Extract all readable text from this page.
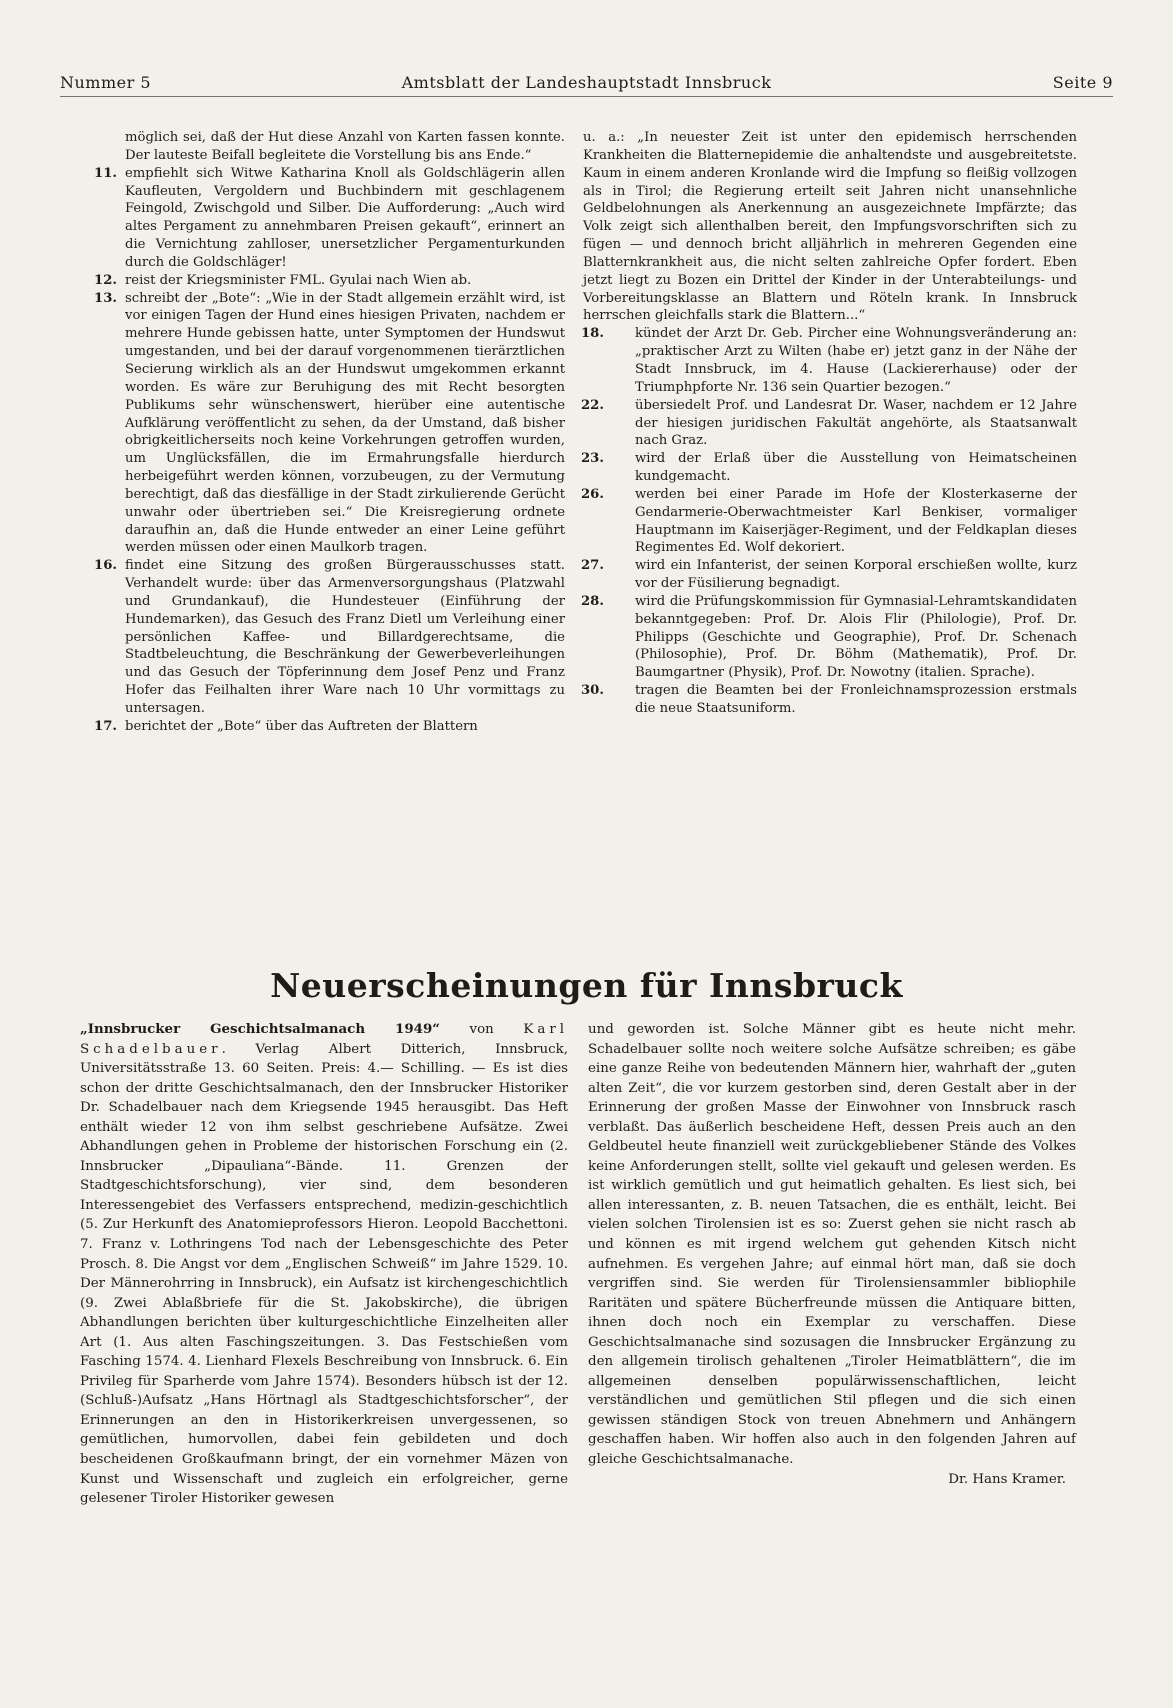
Nummer 5	Amtsblatt der Landeshauptstadt Innsbruck	Seite 9

möglich sei, daß der Hut diese Anzahl von Karten fassen konnte. Der lauteste Beifall begleitete die Vorstellung bis ans Ende.“

11. empfiehlt sich Witwe Katharina Knoll als Goldschlägerin allen Kaufleuten, Vergoldern und Buchbindern mit geschlagenem Feingold, Zwischgold und Silber. Die Aufforderung: „Auch wird altes Pergament zu annehmbaren Preisen gekauft“, erinnert an die Vernichtung zahlloser, unersetzlicher Pergamenturkunden durch die Goldschläger!

12. reist der Kriegsminister FML. Gyulai nach Wien ab.

13. schreibt der „Bote“: „Wie in der Stadt allgemein erzählt wird, ist vor einigen Tagen der Hund eines hiesigen Privaten, nachdem er mehrere Hunde gebissen hatte, unter Symptomen der Hundswut umgestanden, und bei der darauf vorgenommenen tierärztlichen Secierung wirklich als an der Hundswut umgekommen erkannt worden. Es wäre zur Beruhigung des mit Recht besorgten Publikums sehr wünschenswert, hierüber eine autentische Aufklärung veröffentlicht zu sehen, da der Umstand, daß bisher obrigkeitlicherseits noch keine Vorkehrungen getroffen wurden, um Unglücksfällen, die im Ermahrungsfalle hierdurch herbeigeführt werden können, vorzubeugen, zu der Vermutung berechtigt, daß das diesfällige in der Stadt zirkulierende Gerücht unwahr oder übertrieben sei.“ Die Kreisregierung ordnete daraufhin an, daß die Hunde entweder an einer Leine geführt werden müssen oder einen Maulkorb tragen.

16. findet eine Sitzung des großen Bürgerausschusses statt. Verhandelt wurde: über das Armenversorgungshaus (Platzwahl und Grundankauf), die Hundesteuer (Einführung der Hundemarken), das Gesuch des Franz Dietl um Verleihung einer persönlichen Kaffee- und Billardgerechtsame, die Stadtbeleuchtung, die Beschränkung der Gewerbeverleihungen und das Gesuch der Töpferinnung dem Josef Penz und Franz Hofer das Feilhalten ihrer Ware nach 10 Uhr vormittags zu untersagen.

17. berichtet der „Bote“ über das Auftreten der Blattern

u. a.: „In neuester Zeit ist unter den epidemisch herrschenden Krankheiten die Blatternepidemie die anhaltendste und ausgebreitetste. Kaum in einem anderen Kronlande wird die Impfung so fleißig vollzogen als in Tirol; die Regierung erteilt seit Jahren nicht unansehnliche Geldbelohnungen als Anerkennung an ausgezeichnete Impfärzte; das Volk zeigt sich allenthalben bereit, den Impfungsvorschriften sich zu fügen — und dennoch bricht alljährlich in mehreren Gegenden eine Blatternkrankheit aus, die nicht selten zahlreiche Opfer fordert. Eben jetzt liegt zu Bozen ein Drittel der Kinder in der Unterabteilungs- und Vorbereitungsklasse an Blattern und Röteln krank. In Innsbruck herrschen gleichfalls stark die Blattern...“

18.	kündet der Arzt Dr. Geb. Pircher eine Wohnungsveränderung an: „praktischer Arzt zu Wilten (habe er) jetzt ganz in der Nähe der Stadt Innsbruck, im 4. Hause (Lackiererhause) oder der Triumphpforte Nr. 136 sein Quartier bezogen.“

22.	übersiedelt Prof. und Landesrat Dr. Waser, nachdem er 12 Jahre der hiesigen juridischen Fakultät angehörte, als Staatsanwalt nach Graz.

23.	wird der Erlaß über die Ausstellung von Heimatscheinen kundgemacht.

26.	werden bei einer Parade im Hofe der Klosterkaserne der Gendarmerie-Oberwachtmeister Karl Benkiser, vormaliger Hauptmann im Kaiserjäger-Regiment, und der Feldkaplan dieses Regimentes Ed. Wolf dekoriert.

27.	wird ein Infanterist, der seinen Korporal erschießen wollte, kurz vor der Füsilierung begnadigt.

28.	wird die Prüfungskommission für Gymnasial-Lehramtskandidaten bekanntgegeben: Prof. Dr. Alois Flir (Philologie), Prof. Dr. Philipps (Geschichte und Geographie), Prof. Dr. Schenach (Philosophie), Prof. Dr. Böhm (Mathematik), Prof. Dr. Baumgartner (Physik), Prof. Dr. Nowotny (italien. Sprache).

30.	tragen die Beamten bei der Fronleichnamsprozession erstmals die neue Staatsuniform.

Neuerscheinungen für Innsbruck

„Innsbrucker Geschichtsalmanach 1949“ von Karl Schadelbauer. Verlag Albert Ditterich, Innsbruck, Universitätsstraße 13. 60 Seiten. Preis: 4.— Schilling. — Es ist dies schon der dritte Geschichtsalmanach, den der Innsbrucker Historiker Dr. Schadelbauer nach dem Kriegsende 1945 herausgibt. Das Heft enthält wieder 12 von ihm selbst geschriebene Aufsätze. Zwei Abhandlungen gehen in Probleme der historischen Forschung ein (2. Innsbrucker „Dipauliana“-Bände. 11. Grenzen der Stadtgeschichtsforschung), vier sind, dem besonderen Interessengebiet des Verfassers entsprechend, medizin-geschichtlich (5. Zur Herkunft des Anatomieprofessors Hieron. Leopold Bacchettoni. 7. Franz v. Lothringens Tod nach der Lebensgeschichte des Peter Prosch. 8. Die Angst vor dem „Englischen Schweiß“ im Jahre 1529. 10. Der Männerohrring in Innsbruck), ein Aufsatz ist kirchengeschichtlich (9. Zwei Ablaßbriefe für die St. Jakobskirche), die übrigen Abhandlungen berichten über kulturgeschichtliche Einzelheiten aller Art (1. Aus alten Faschingszeitungen. 3. Das Festschießen vom Fasching 1574. 4. Lienhard Flexels Beschreibung von Innsbruck. 6. Ein Privileg für Sparherde vom Jahre 1574). Besonders hübsch ist der 12. (Schluß-)Aufsatz „Hans Hörtnagl als Stadtgeschichtsforscher“, der Erinnerungen an den in Historikerkreisen unvergessenen, so gemütlichen, humorvollen, dabei fein gebildeten und doch bescheidenen Großkaufmann bringt, der ein vornehmer Mäzen von Kunst und Wissenschaft und zugleich ein erfolgreicher, gerne gelesener Tiroler Historiker gewesen

und geworden ist. Solche Männer gibt es heute nicht mehr. Schadelbauer sollte noch weitere solche Aufsätze schreiben; es gäbe eine ganze Reihe von bedeutenden Männern hier, wahrhaft der „guten alten Zeit“, die vor kurzem gestorben sind, deren Gestalt aber in der Erinnerung der großen Masse der Einwohner von Innsbruck rasch verblaßt. Das äußerlich bescheidene Heft, dessen Preis auch an den Geldbeutel heute finanziell weit zurückgebliebener Stände des Volkes keine Anforderungen stellt, sollte viel gekauft und gelesen werden. Es ist wirklich gemütlich und gut heimatlich gehalten. Es liest sich, bei allen interessanten, z. B. neuen Tatsachen, die es enthält, leicht. Bei vielen solchen Tirolensien ist es so: Zuerst gehen sie nicht rasch ab und können es mit irgend welchem gut gehenden Kitsch nicht aufnehmen. Es vergehen Jahre; auf einmal hört man, daß sie doch vergriffen sind. Sie werden für Tirolensiensammler bibliophile Raritäten und spätere Bücherfreunde müssen die Antiquare bitten, ihnen doch noch ein Exemplar zu verschaffen. Diese Geschichtsalmanache sind sozusagen die Innsbrucker Ergänzung zu den allgemein tirolisch gehaltenen „Tiroler Heimatblättern“, die im allgemeinen denselben populärwissenschaftlichen, leicht verständlichen und gemütlichen Stil pflegen und die sich einen gewissen ständigen Stock von treuen Abnehmern und Anhängern geschaffen haben. Wir hoffen also auch in den folgenden Jahren auf gleiche Geschichtsalmanache.

Dr. Hans Kramer.
